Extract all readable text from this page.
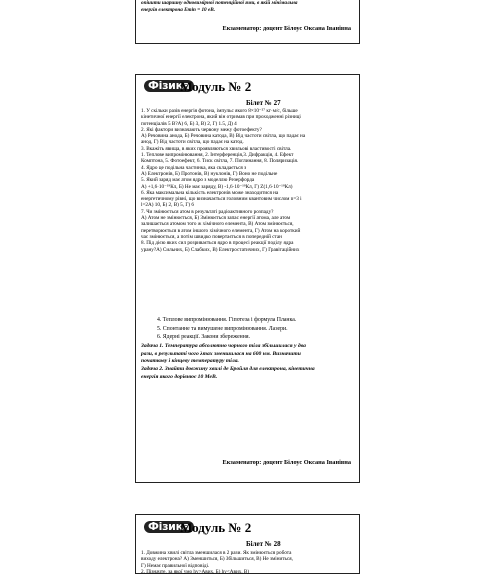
опіиити шариину одновимірної потенційної ями, в якій мінімальна
енергія електрона Emin = 10 eB.
Екзаменатор: доцент Білоус Оксана Іванівна
Фізика
Модуль № 2
Білет № 27
1. У скільки разів енергія фотона, імпульс якого 8×10⁻²⁷ кг·м/с, більше
кінетичної енергії електрона, який він отримав при проходженні різниці
потенціалів 5 В?А) 6, Б) 3, В) 2, Г) 1.5, Д) 4
2. Які фактори визначають червону межу фотоефекту?
А) Речовина анода, Б) Речовина катода, В) Від частоти світла, що падає на
анод, Г) Від частоти світла, що падає на катод.
3. Вкажіть явища, в яких проявляються хвильові властивості світла.
1. Теплове випромінювання, 2. Інтерференція,3. Дифракція, 4. Ефект
Комптона, 5. Фотоефект, 6. Тиск світла, 7. Поглинання, 8. Поляризація.
4. Ядро це подільна частинка, яка складається з
А) Електронів, Б) Протонів, В) нуклонів, Г) Воно не подільне
5. Який заряд має атом ядро з моделлю Резерфорда
А) +1,6·10⁻¹⁹Кл, Б) Не має заряду, В) -1,6·10⁻¹⁹Кл, Г) Z(1,6·10⁻¹⁹Кл)
6. Яка максимальна кількість електронів може знаходитися на
енергетичному рівні, що визначається головним квантовим числом n=3 і
l=2А) 10, Б) 2, В) 5, Г) 6
7. Чи змінюється атом в результаті радіоактивного розпаду?
А) Атом не змінюється, Б) Змінюється запас енергії атома, але атом
залишається атомом того ж хімічного елемента, В) Атом змінюється,
перетворюється в атом іншого хімічного елемента, Г) Атом на короткий
час змінюється, а потім швидко повертається в попередній стан
8. Під дією яких сил розривається ядро в процесі реакції поділу ядра
урану?А) Сильних, Б) Слабких, В) Електростатичних, Г) Гравітаційних
4. Теплове випромінювання. Гіпотеза і формула Планка.
5. Спонтанне та вимушене випромінювання. Лазери.
6. Ядерні реакції. Закони збереження.
Задача 1. Температура абсолютно чорного тіла збільшилася у два
рази, в результаті чого λmax зменшилася на 600 нм. Визначити
початкову і кінцеву температуру тіла.
Задача 2. Знайти довжину хвилі де Бройля для електрона, кінетична
енергія якого дорівнює 10 МеВ.
Екзаменатор: доцент Білоус Оксана Іванівна
Фізика
Модуль № 2
Білет № 28
1. Довжина хвилі світла зменшилася в 2 рази. Як змінюється робота
виходу електрона? А) Зменшиться, Б) Збільшиться, В) Не зміниться,
Г) Немає правильної відповіді.
2. Пізначте, за якої умо hv>Aвих, Б) hv<Aвих, В)
